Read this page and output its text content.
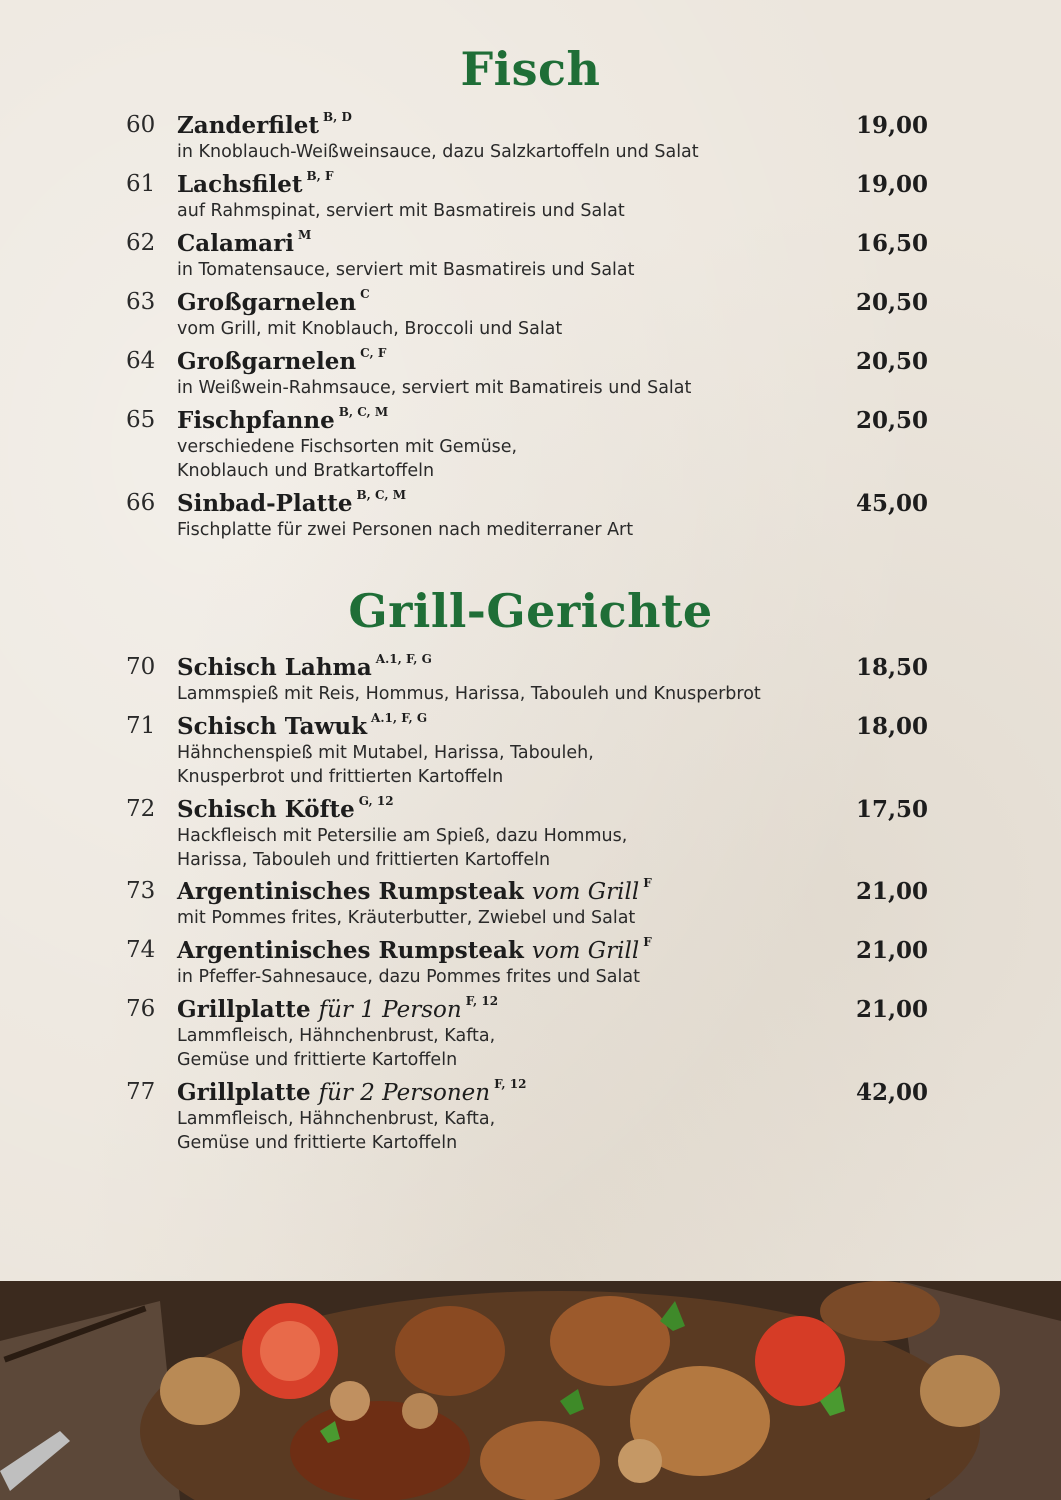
Fisch
60 Zanderfilet $^{B, D}$	19,00
in Knoblauch-Weißweinsauce, dazu Salzkartoffeln und Salat
61 Lachsfilet $^{B, F}$	19,00
auf Rahmspinat, serviert mit Basmatireis und Salat
62 Calamari $^M$	16,50
in Tomatensauce, serviert mit Basmatireis und Salat
63 Großgarnelen $^C$	20,50
vom Grill, mit Knoblauch, Broccoli und Salat
64 Großgarnelen $^{C, F}$	20,50
in Weißwein-Rahmsauce, serviert mit Bamatireis und Salat
65 Fischpfanne $^{B, C, M}$	20,50
verschiedene Fischsorten mit Gemüse,
Knoblauch und Bratkartoffeln
66 Sinbad-Platte $^{B, C, M}$	45,00
Fischplatte für zwei Personen nach mediterraner Art
Grill-Gerichte
70 Schisch Lahma $^{A.1, F, G}$	18,50
Lammspieß mit Reis, Hommus, Harissa, Tabouleh und Knusperbrot
71 Schisch Tawuk $^{A.1, F, G}$	18,00
Hähnchenspieß mit Mutabel, Harissa, Tabouleh,
Knusperbrot und frittierten Kartoffeln
72 Schisch Köfte $^{G, 12}$	17,50
Hackfleisch mit Petersilie am Spieß, dazu Hommus,
Harissa, Tabouleh und frittierten Kartoffeln
73 Argentinisches Rumpsteak vom Grill $^F$	21,00
mit Pommes frites, Kräuterbutter, Zwiebel und Salat
74 Argentinisches Rumpsteak vom Grill $^F$	21,00
in Pfeffer-Sahnesauce, dazu Pommes frites und Salat
76 Grillplatte für 1 Person $^{F, 12}$	21,00
Lammfleisch, Hähnchenbrust, Kafta,
Gemüse und frittierte Kartoffeln
77 Grillplatte für 2 Personen $^{F, 12}$	42,00
Lammfleisch, Hähnchenbrust, Kafta,
Gemüse und frittierte Kartoffeln
